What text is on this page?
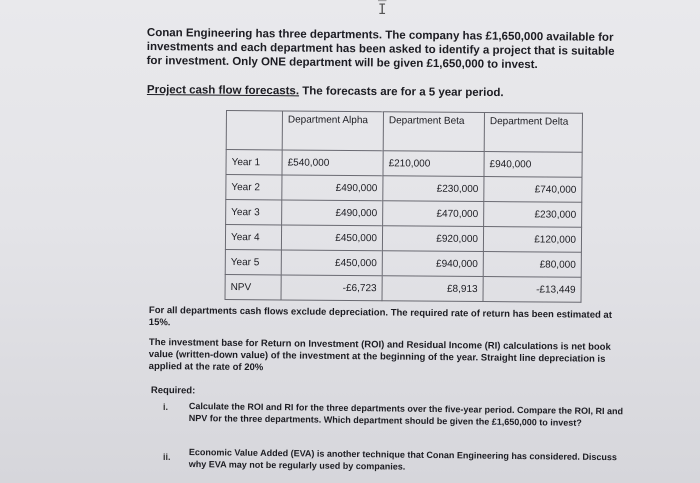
I̅
Conan Engineering has three departments. The company has £1,650,000 available for investments and each department has been asked to identify a project that is suitable for investment. Only ONE department will be given £1,650,000 to invest.
Project cash flow forecasts. The forecasts are for a 5 year period.
	Department Alpha	Department Beta	Department Delta
Year 1	£540,000	£210,000	£940,000
Year 2	£490,000	£230,000	£740,000
Year 3	£490,000	£470,000	£230,000
Year 4	£450,000	£920,000	£120,000
Year 5	£450,000	£940,000	£80,000
NPV	-£6,723	£8,913	-£13,449
For all departments cash flows exclude depreciation. The required rate of return has been estimated at 15%.
The investment base for Return on Investment (ROI) and Residual Income (RI) calculations is net book value (written-down value) of the investment at the beginning of the year. Straight line depreciation is applied at the rate of 20%
Required:
i. Calculate the ROI and RI for the three departments over the five-year period. Compare the ROI, RI and NPV for the three departments. Which department should be given the £1,650,000 to invest?
ii. Economic Value Added (EVA) is another technique that Conan Engineering has considered. Discuss why EVA may not be regularly used by companies.
